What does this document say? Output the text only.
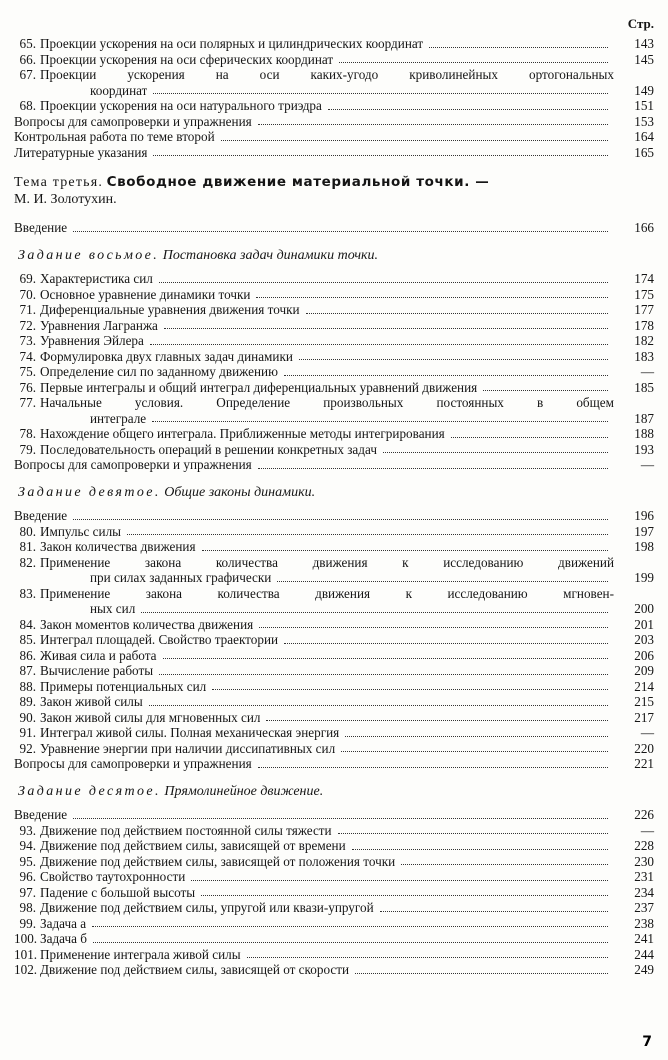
Стр.
65. Проекции ускорения на оси полярных и цилиндрических координат	143
66. Проекции ускорения на оси сферических координат	145
67. Проекции ускорения на оси каких-угодо криволинейных ортогональных
координат	149
68. Проекции ускорения на оси натурального триэдра	151
Вопросы для самопроверки и упражнения	153
Контрольная работа по теме второй	164
Литературные указания	165
Тема третья. Свободное движение материальной точки. —
М. И. Золотухин.
Введение	166
Задание восьмое. Постановка задач динамики точки.
69. Характеристика сил	174
70. Основное уравнение динамики точки	175
71. Диференциальные уравнения движения точки	177
72. Уравнения Лагранжа	178
73. Уравнения Эйлера	182
74. Формулировка двух главных задач динамики	183
75. Определение сил по заданному движению	—
76. Первые интегралы и общий интеграл диференциальных уравнений движения	185
77. Начальные условия. Определение произвольных постоянных в общем
интеграле	187
78. Нахождение общего интеграла. Приближенные методы интегрирования	188
79. Последовательность операций в решении конкретных задач	193
Вопросы для самопроверки и упражнения	—
Задание девятое. Общие законы динамики.
Введение	196
80. Импульс силы	197
81. Закон количества движения	198
82. Применение закона количества движения к исследованию движений
при силах заданных графически	199
83. Применение закона количества движения к исследованию мгновен-
ных сил	200
84. Закон моментов количества движения	201
85. Интеграл площадей. Свойство траектории	203
86. Живая сила и работа	206
87. Вычисление работы	209
88. Примеры потенциальных сил	214
89. Закон живой силы	215
90. Закон живой силы для мгновенных сил	217
91. Интеграл живой силы. Полная механическая энергия	—
92. Уравнение энергии при наличии диссипативных сил	220
Вопросы для самопроверки и упражнения	221
Задание десятое. Прямолинейное движение.
Введение	226
93. Движение под действием постоянной силы тяжести	—
94. Движение под действием силы, зависящей от времени	228
95. Движение под действием силы, зависящей от положения точки	230
96. Свойство таутохронности	231
97. Падение с большой высоты	234
98. Движение под действием силы, упругой или квази-упругой	237
99. Задача а	238
100. Задача б	241
101. Применение интеграла живой силы	244
102. Движение под действием силы, зависящей от скорости	249
7
